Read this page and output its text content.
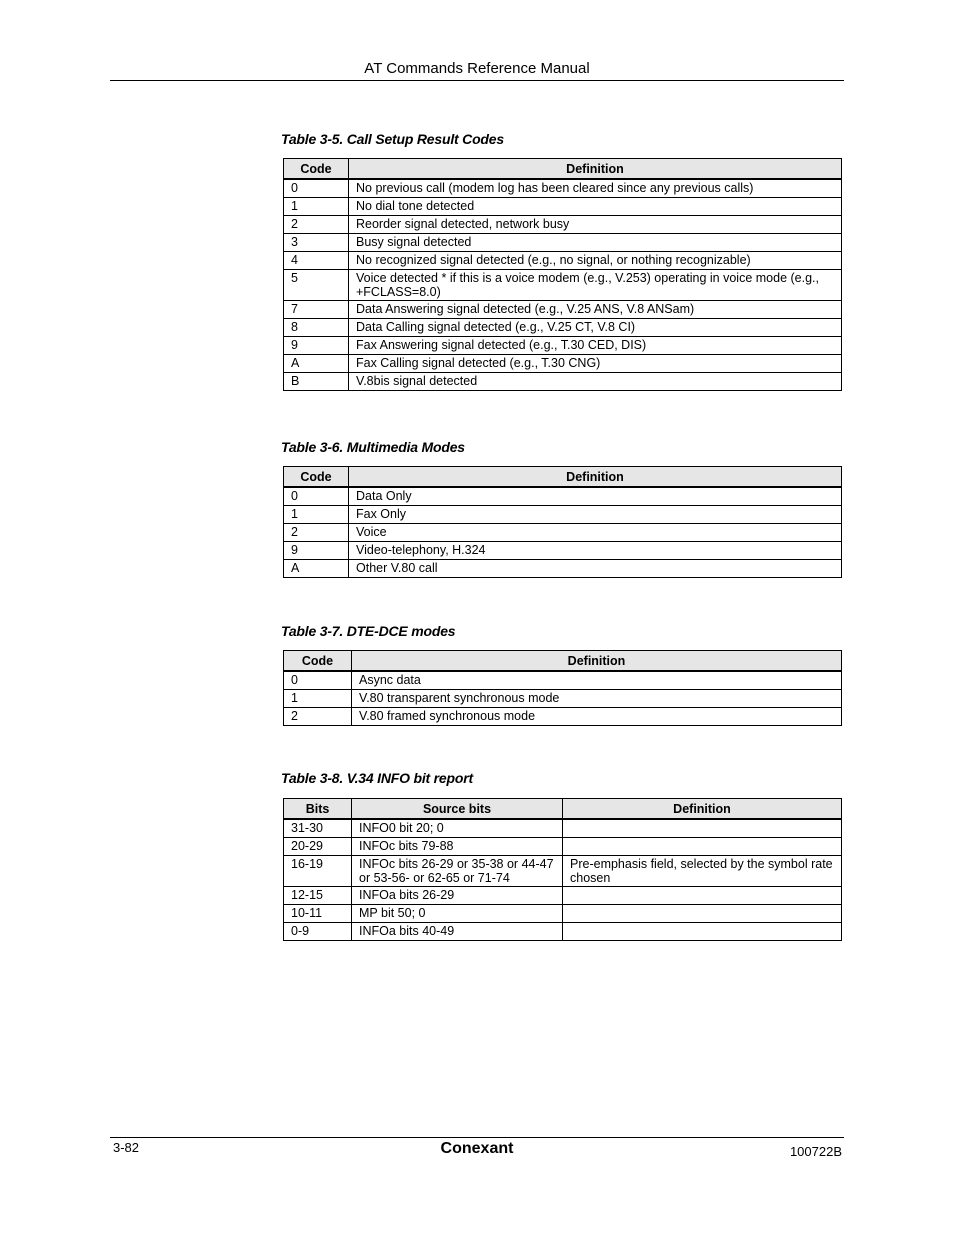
AT Commands Reference Manual
Table 3-5. Call Setup Result Codes
Code	Definition
0	No previous call (modem log has been cleared since any previous calls)
1	No dial tone detected
2	Reorder signal detected, network busy
3	Busy signal detected
4	No recognized signal detected (e.g., no signal, or nothing recognizable)
5	Voice detected * if this is a voice modem (e.g., V.253) operating in voice mode (e.g., +FCLASS=8.0)
7	Data Answering signal detected (e.g., V.25 ANS, V.8 ANSam)
8	Data Calling signal detected (e.g., V.25 CT, V.8 CI)
9	Fax Answering signal detected (e.g., T.30 CED, DIS)
A	Fax Calling signal detected (e.g., T.30 CNG)
B	V.8bis signal detected
Table 3-6. Multimedia Modes
Code	Definition
0	Data Only
1	Fax Only
2	Voice
9	Video-telephony, H.324
A	Other V.80 call
Table 3-7. DTE-DCE modes
Code	Definition
0	Async data
1	V.80 transparent synchronous mode
2	V.80 framed synchronous mode
Table 3-8. V.34 INFO bit report
Bits	Source bits	Definition
31-30	INFO0 bit 20; 0	
20-29	INFOc bits 79-88	
16-19	INFOc bits 26-29 or 35-38 or 44-47 or 53-56- or 62-65 or 71-74	Pre-emphasis field, selected by the symbol rate chosen
12-15	INFOa bits 26-29	
10-11	MP bit 50; 0	
0-9	INFOa bits 40-49	
3-82	Conexant	100722B
